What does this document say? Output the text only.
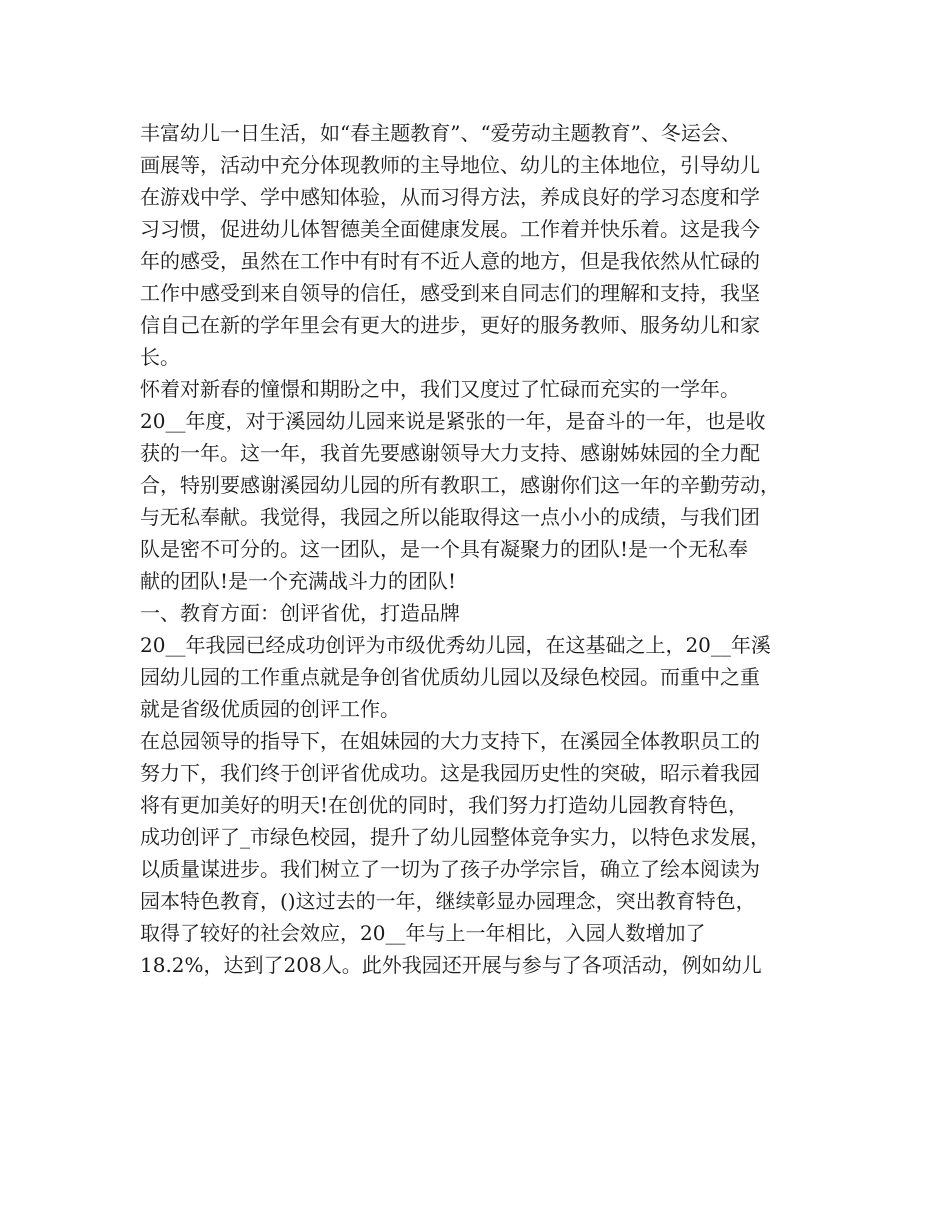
丰富幼儿一日生活，如“春主题教育”、“爱劳动主题教育”、冬运会、
画展等，活动中充分体现教师的主导地位、幼儿的主体地位，引导幼儿
在游戏中学、学中感知体验，从而习得方法，养成良好的学习态度和学
习习惯，促进幼儿体智德美全面健康发展。工作着并快乐着。这是我今
年的感受，虽然在工作中有时有不近人意的地方，但是我依然从忙碌的
工作中感受到来自领导的信任，感受到来自同志们的理解和支持，我坚
信自己在新的学年里会有更大的进步，更好的服务教师、服务幼儿和家
长。
怀着对新春的憧憬和期盼之中，我们又度过了忙碌而充实的一学年。
20__年度，对于溪园幼儿园来说是紧张的一年，是奋斗的一年，也是收
获的一年。这一年，我首先要感谢领导大力支持、感谢姊妹园的全力配
合，特别要感谢溪园幼儿园的所有教职工，感谢你们这一年的辛勤劳动，
与无私奉献。我觉得，我园之所以能取得这一点小小的成绩，与我们团
队是密不可分的。这一团队，是一个具有凝聚力的团队!是一个无私奉
献的团队!是一个充满战斗力的团队!
一、教育方面：创评省优，打造品牌
20__年我园已经成功创评为市级优秀幼儿园，在这基础之上，20__年溪
园幼儿园的工作重点就是争创省优质幼儿园以及绿色校园。而重中之重
就是省级优质园的创评工作。
在总园领导的指导下，在姐妹园的大力支持下，在溪园全体教职员工的
努力下，我们终于创评省优成功。这是我园历史性的突破，昭示着我园
将有更加美好的明天!在创优的同时，我们努力打造幼儿园教育特色，
成功创评了_市绿色校园，提升了幼儿园整体竞争实力，以特色求发展，
以质量谋进步。我们树立了一切为了孩子办学宗旨，确立了绘本阅读为
园本特色教育，()这过去的一年，继续彰显办园理念，突出教育特色，
取得了较好的社会效应，20__年与上一年相比，入园人数增加了
18.2%，达到了208人。此外我园还开展与参与了各项活动，例如幼儿
